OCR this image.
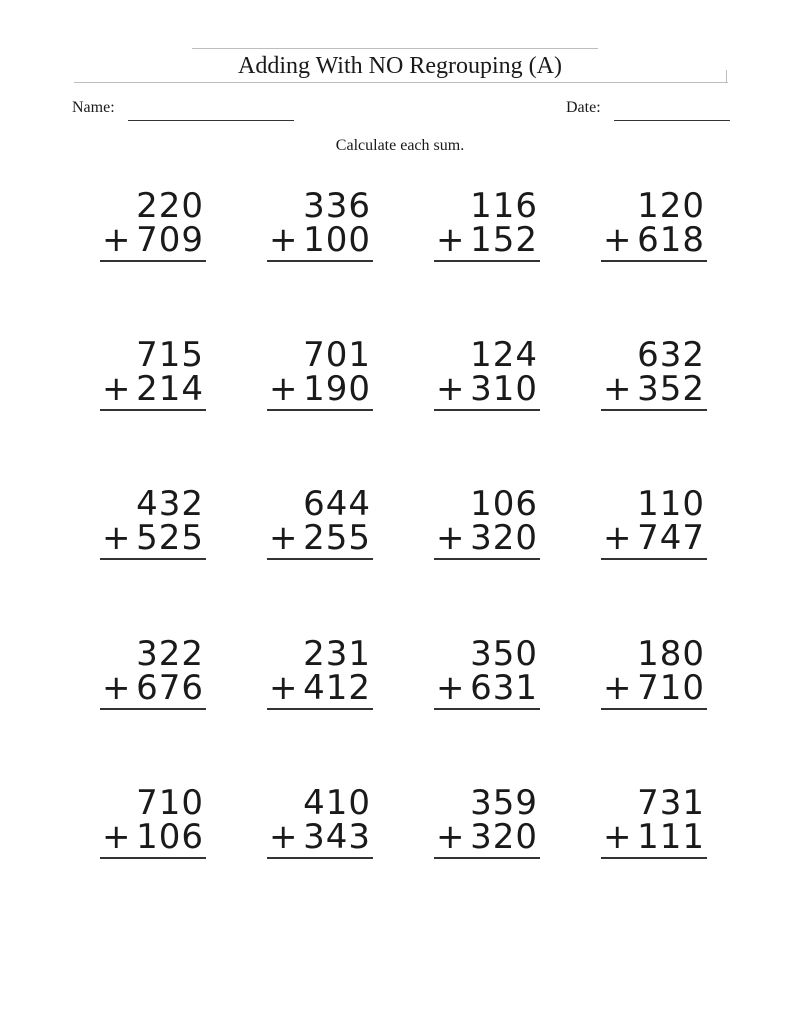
Adding With NO Regrouping (A)
Name:	Date:
Calculate each sum.
220
+ 709
336
+ 100
116
+ 152
120
+ 618
715
+ 214
701
+ 190
124
+ 310
632
+ 352
432
+ 525
644
+ 255
106
+ 320
110
+ 747
322
+ 676
231
+ 412
350
+ 631
180
+ 710
710
+ 106
410
+ 343
359
+ 320
731
+ 111
